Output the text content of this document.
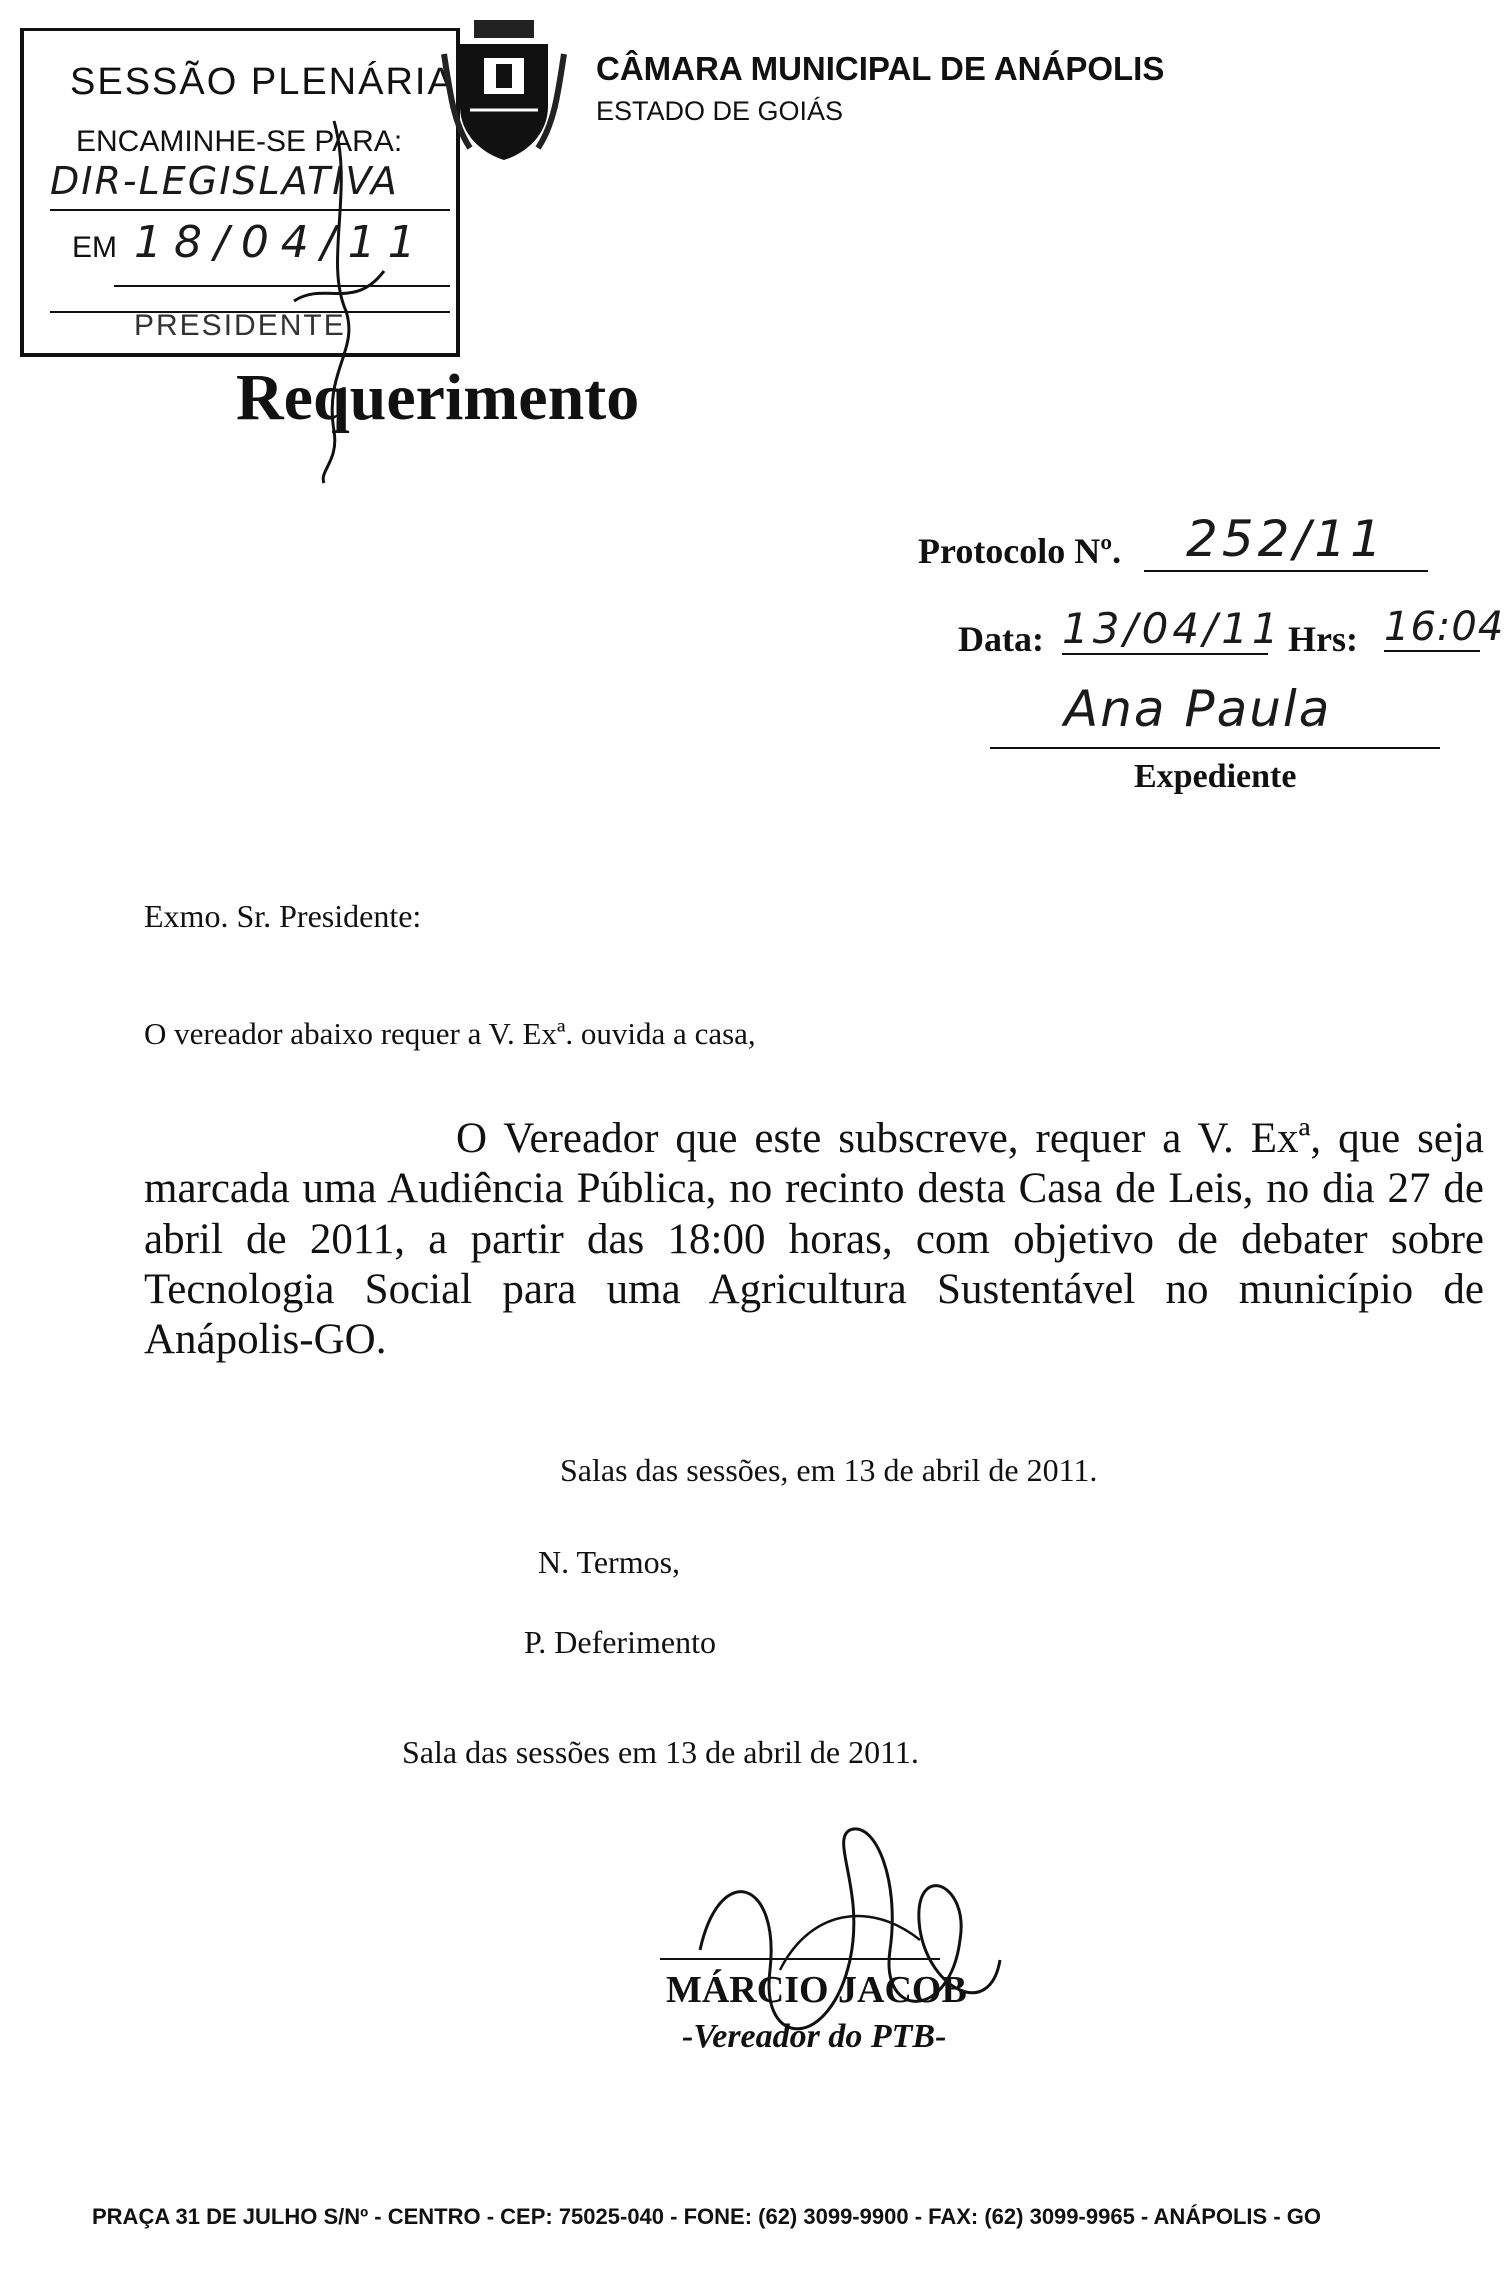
SESSÃO PLENÁRIA
ENCAMINHE-SE PARA:
DIR-LEGISLATIVA
EM 18/04/11
PRESIDENTE
CÂMARA MUNICIPAL DE ANÁPOLIS
ESTADO DE GOIÁS
Requerimento
Protocolo Nº.	252/11
Data: 13/04/11 Hrs: 16:04
Ana Paula
Expediente
Exmo. Sr. Presidente:
O vereador abaixo requer a V. Exª. ouvida a casa,
O Vereador que este subscreve, requer a V. Exª, que seja marcada uma Audiência Pública, no recinto desta Casa de Leis, no dia 27 de abril de 2011, a partir das 18:00 horas, com objetivo de debater sobre Tecnologia Social para uma Agricultura Sustentável no município de Anápolis-GO.
Salas das sessões, em 13 de abril de 2011.
N. Termos,
P. Deferimento
Sala das sessões em 13 de abril de 2011.
MÁRCIO JACOB
-Vereador do PTB-
PRAÇA 31 DE JULHO S/Nº - CENTRO - CEP: 75025-040 - FONE: (62) 3099-9900 - FAX: (62) 3099-9965 - ANÁPOLIS - GO
